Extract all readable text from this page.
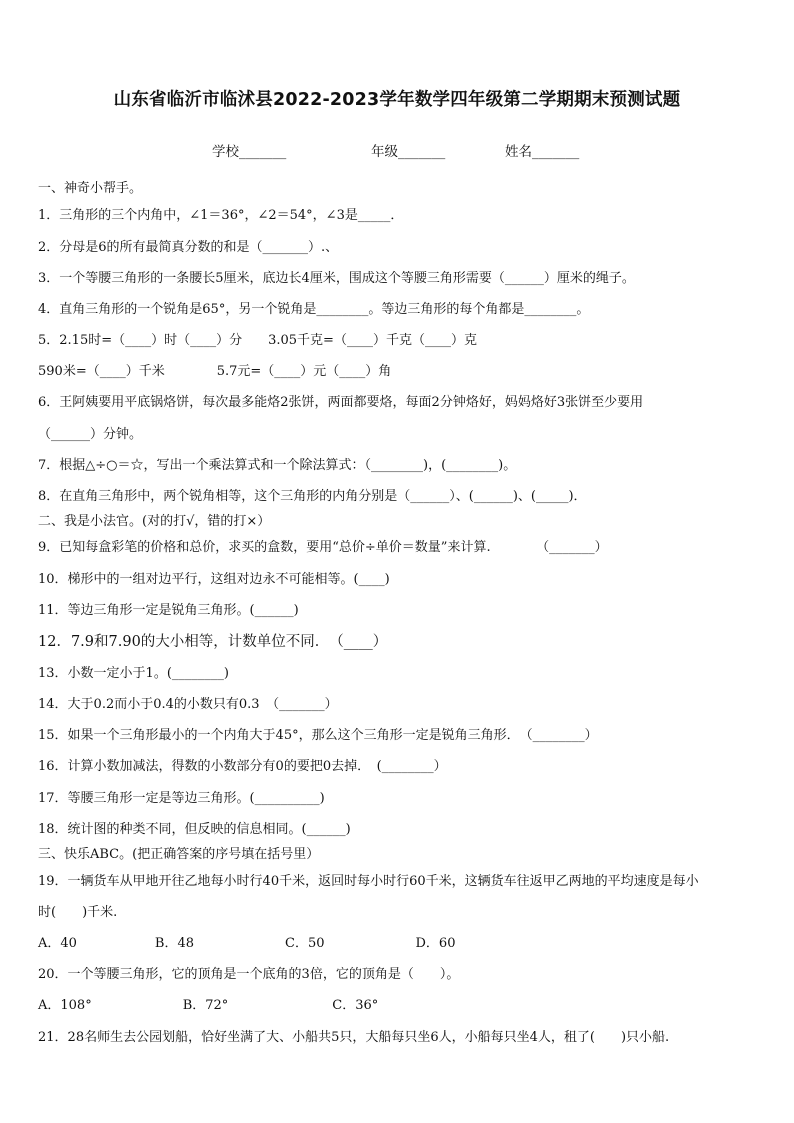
山东省临沂市临沭县2022-2023学年数学四年级第二学期期末预测试题
学校_______	年级_______	姓名_______
一、神奇小帮手。
1．三角形的三个内角中，∠1＝36°，∠2＝54°，∠3是_____．
2．分母是6的所有最简真分数的和是（_______）.、
3．一个等腰三角形的一条腰长5厘米，底边长4厘米，围成这个等腰三角形需要（______）厘米的绳子。
4．直角三角形的一个锐角是65°，另一个锐角是________。等边三角形的每个角都是________。
5．2.15时=（____）时（____）分　　3.05千克=（____）千克（____）克
590米=（____）千米　　　　5.7元=（____）元（____）角
6．王阿姨要用平底锅烙饼，每次最多能烙2张饼，两面都要烙，每面2分钟烙好，妈妈烙好3张饼至少要用
（______）分钟。
7．根据△÷○＝☆，写出一个乘法算式和一个除法算式：（________)，(________)。
8．在直角三角形中，两个锐角相等，这个三角形的内角分别是（______）、(______)、(_____)．
二、我是小法官。(对的打√，错的打×）
9．已知每盒彩笔的价格和总价，求买的盒数，要用“总价÷单价＝数量”来计算.　　　　（_______）
10．梯形中的一组对边平行，这组对边永不可能相等。(____)
11．等边三角形一定是锐角三角形。(______)
12．7.9和7.90的大小相等，计数单位不同．　（____）
13．小数一定小于1。(________)
14．大于0.2而小于0.4的小数只有0.3　（_______）
15．如果一个三角形最小的一个内角大于45°，那么这个三角形一定是锐角三角形．　（________）
16．计算小数加减法，得数的小数部分有0的要把0去掉．　(________）
17．等腰三角形一定是等边三角形。(__________)
18．统计图的种类不同，但反映的信息相同。(______)
三、快乐ABC。(把正确答案的序号填在括号里）
19．一辆货车从甲地开往乙地每小时行40千米，返回时每小时行60千米，这辆货车往返甲乙两地的平均速度是每小
时(　　)千米.
A．40　　　　　　B．48　　　　　　　C．50　　　　　　　D．60
20．一个等腰三角形，它的顶角是一个底角的3倍，它的顶角是（　　）。
A．108°　　　　　　　B．72°　　　　　　　　C．36°
21．28名师生去公园划船，恰好坐满了大、小船共5只，大船每只坐6人，小船每只坐4人，租了(　　)只小船.
